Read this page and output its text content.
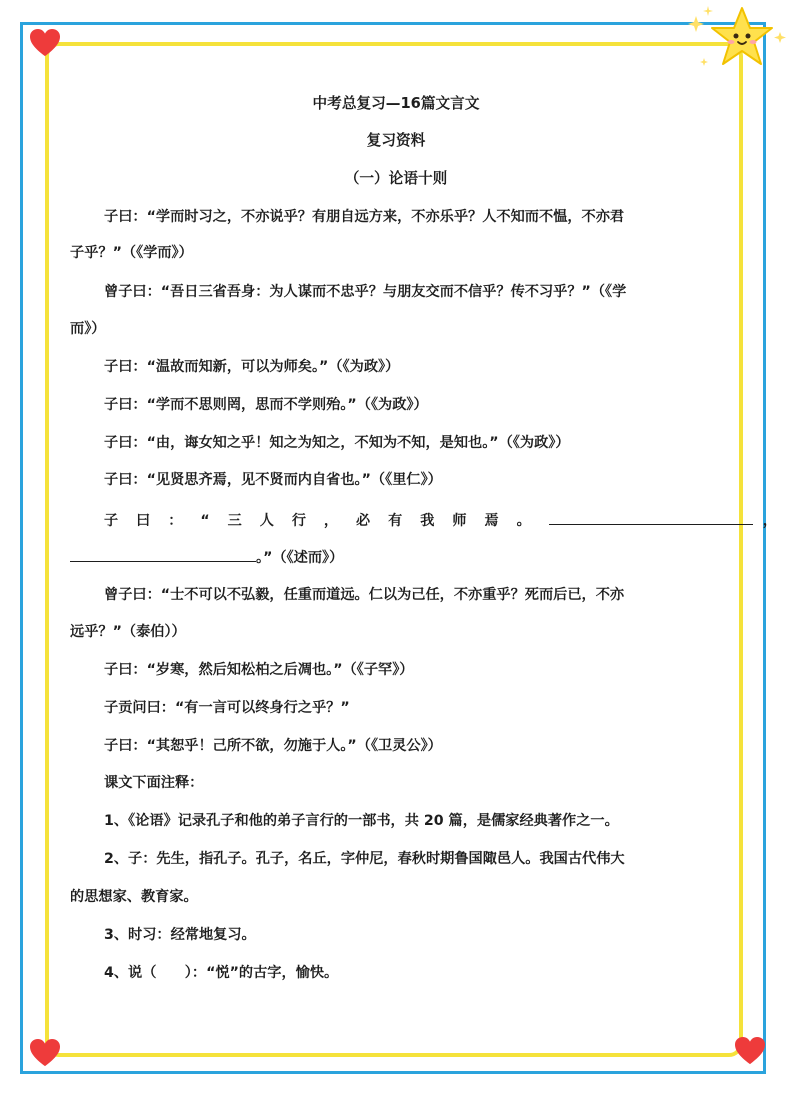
中考总复习—16篇文言文
复习资料
（一）论语十则
子曰：“学而时习之，不亦说乎？有朋自远方来，不亦乐乎？人不知而不愠，不亦君
子乎？”（《学而》）
曾子曰：“吾日三省吾身：为人谋而不忠乎？与朋友交而不信乎？传不习乎？”（《学
而》）
子曰：“温故而知新，可以为师矣。”（《为政》）
子曰：“学而不思则罔，思而不学则殆。”（《为政》）
子曰：“由，诲女知之乎！知之为知之，不知为不知，是知也。”（《为政》）
子曰：“见贤思齐焉，见不贤而内自省也。”（《里仁》）
子曰：“三人行，必有我师焉。	，
。”（《述而》）
曾子曰：“士不可以不弘毅，任重而道远。仁以为己任，不亦重乎？死而后已，不亦
远乎？”（泰伯））
子曰：“岁寒，然后知松柏之后凋也。”（《子罕》）
子贡问曰：“有一言可以终身行之乎？”
子曰：“其恕乎！己所不欲，勿施于人。”（《卫灵公》）
课文下面注释：
1、《论语》记录孔子和他的弟子言行的一部书，共 20 篇，是儒家经典著作之一。
2、子：先生，指孔子。孔子，名丘，字仲尼，春秋时期鲁国陬邑人。我国古代伟大
的思想家、教育家。
3、时习：经常地复习。
4、说（　　）：“悦”的古字，愉快。
